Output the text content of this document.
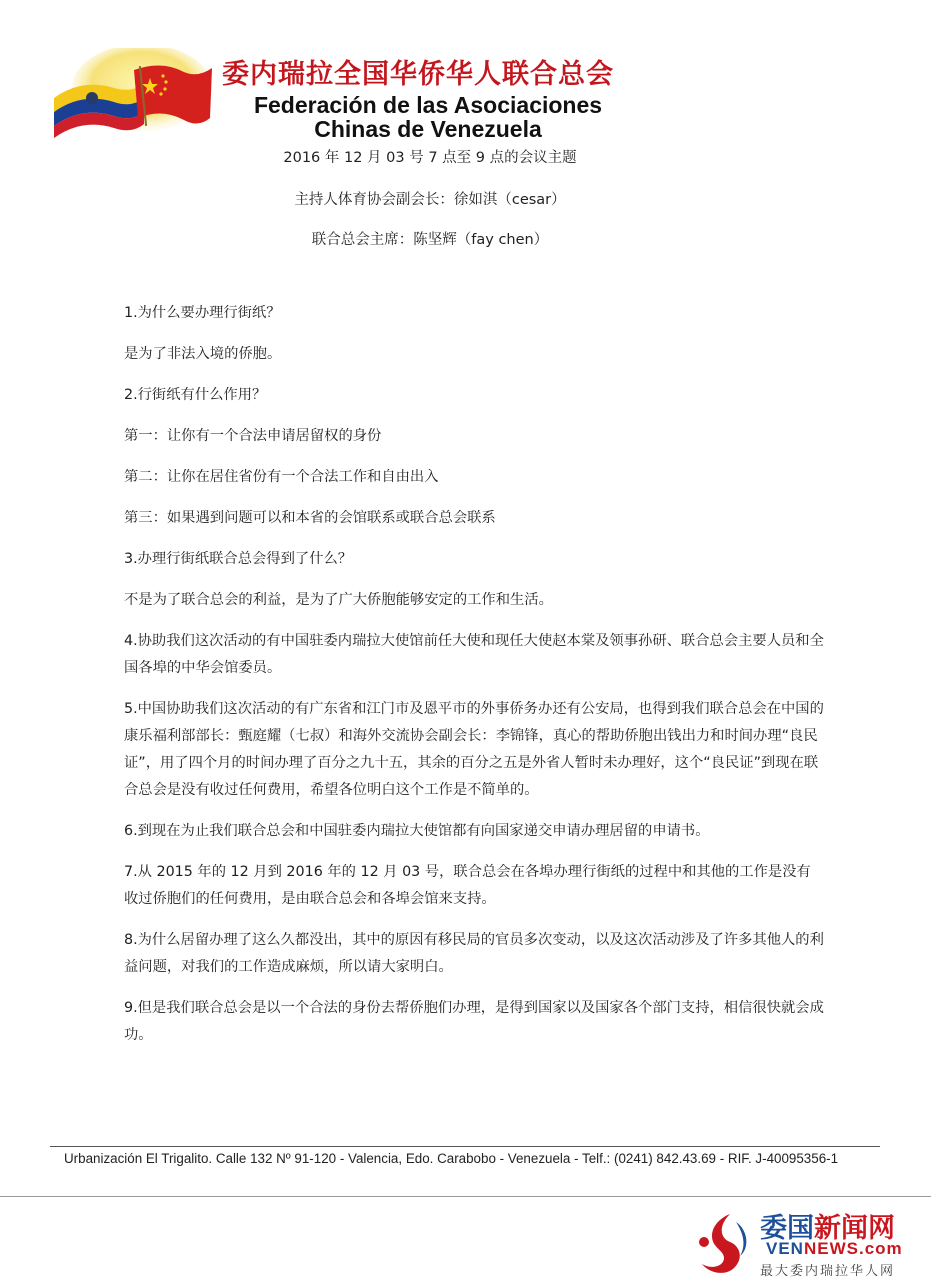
委内瑞拉全国华侨华人联合总会
Federación de las Asociaciones
Chinas de Venezuela
2016 年 12 月 03 号 7 点至 9 点的会议主题
主持人体育协会副会长：徐如淇（cesar）
联合总会主席：陈坚辉（fay chen）

1.为什么要办理行街纸？

是为了非法入境的侨胞。

2.行街纸有什么作用？

第一：让你有一个合法申请居留权的身份

第二：让你在居住省份有一个合法工作和自由出入

第三：如果遇到问题可以和本省的会馆联系或联合总会联系

3.办理行街纸联合总会得到了什么？

不是为了联合总会的利益，是为了广大侨胞能够安定的工作和生活。

4.协助我们这次活动的有中国驻委内瑞拉大使馆前任大使和现任大使赵本棠及领事孙研、联合总会主要人员和全国各埠的中华会馆委员。

5.中国协助我们这次活动的有广东省和江门市及恩平市的外事侨务办还有公安局，也得到我们联合总会在中国的康乐福利部部长：甄庭耀（七叔）和海外交流协会副会长：李锦锋，真心的帮助侨胞出钱出力和时间办理“良民证”，用了四个月的时间办理了百分之九十五，其余的百分之五是外省人暂时未办理好，这个“良民证”到现在联合总会是没有收过任何费用，希望各位明白这个工作是不简单的。

6.到现在为止我们联合总会和中国驻委内瑞拉大使馆都有向国家递交申请办理居留的申请书。

7.从 2015 年的 12 月到 2016 年的 12 月 03 号，联合总会在各埠办理行街纸的过程中和其他的工作是没有收过侨胞们的任何费用，是由联合总会和各埠会馆来支持。

8.为什么居留办理了这么久都没出，其中的原因有移民局的官员多次变动，以及这次活动涉及了许多其他人的利益问题，对我们的工作造成麻烦，所以请大家明白。

9.但是我们联合总会是以一个合法的身份去帮侨胞们办理，是得到国家以及国家各个部门支持，相信很快就会成功。

Urbanización El Trigalito. Calle 132 Nº 91-120 - Valencia, Edo. Carabobo - Venezuela - Telf.: (0241) 842.43.69 - RIF. J-40095356-1
委国新闻网
VENNEWS.com
最大委内瑞拉华人网
